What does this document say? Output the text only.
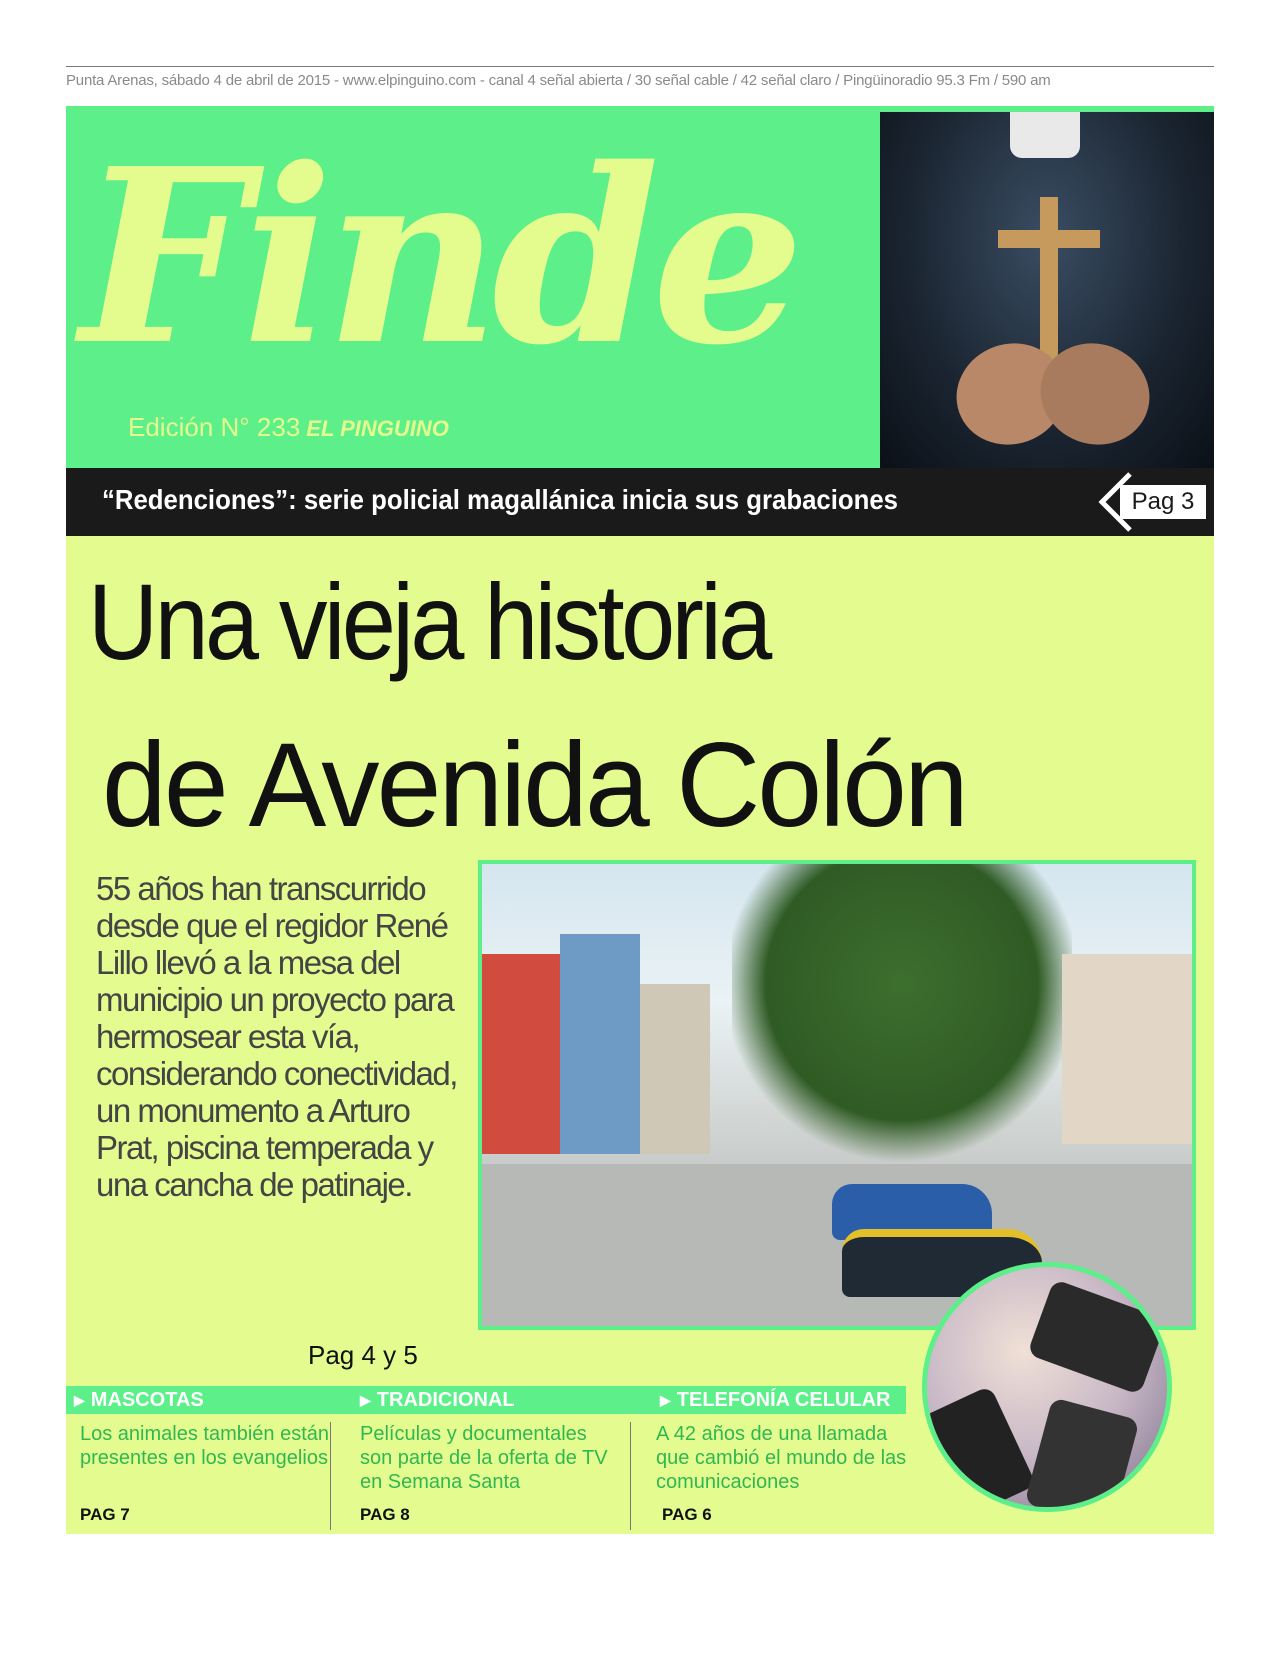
Punta Arenas, sábado 4 de abril de 2015 - www.elpinguino.com - canal 4 señal abierta / 30 señal cable / 42 señal claro / Pingüinoradio 95.3 Fm / 590 am
Finde
Edición N° 233 EL PINGUINO
“Redenciones”: serie policial magallánica inicia sus grabaciones	Pag 3
Una vieja historia
de Avenida Colón
55 años han transcurrido desde que el regidor René Lillo llevó a la mesa del municipio un proyecto para hermosear esta vía, considerando conectividad, un monumento a Arturo Prat, piscina temperada y una cancha de patinaje.
Pag 4 y 5
▶ MASCOTAS	▶ TRADICIONAL	▶ TELEFONÍA CELULAR
Los animales también están presentes en los evangelios
Películas y documentales son parte de la oferta de TV en Semana Santa
A 42 años de una llamada que cambió el mundo de las comunicaciones
PAG 7	PAG 8	PAG 6
